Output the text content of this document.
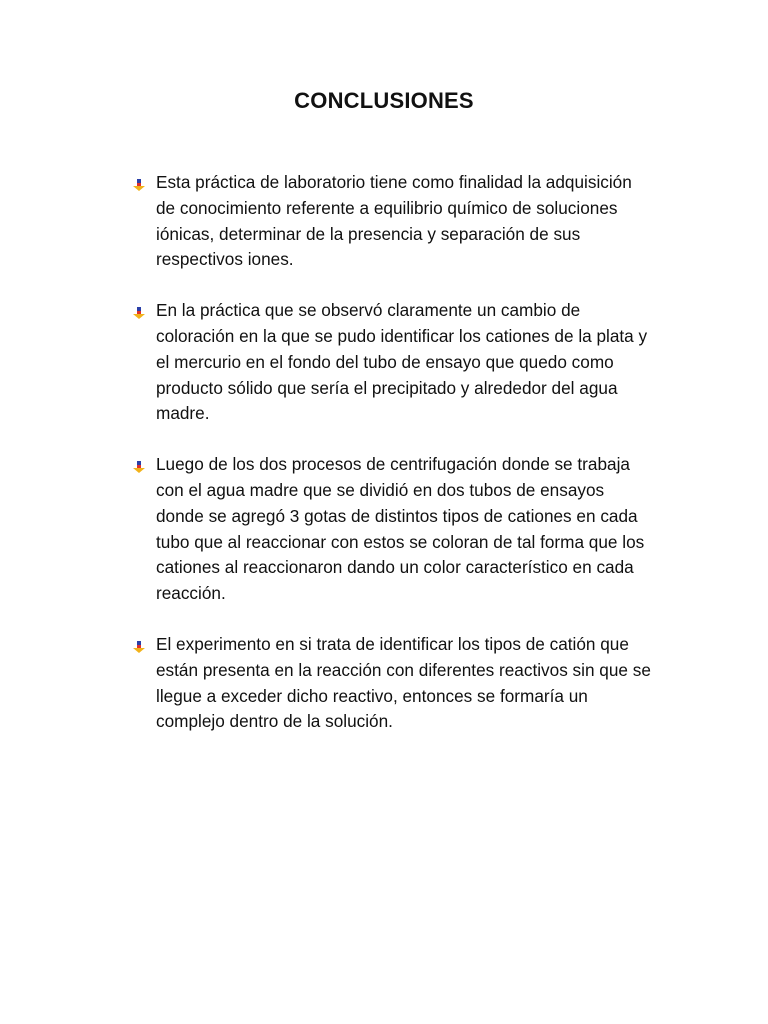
CONCLUSIONES
Esta práctica de laboratorio tiene como finalidad la adquisición de conocimiento referente a equilibrio químico de soluciones iónicas, determinar de la presencia y separación de sus respectivos iones.
En la práctica que se observó claramente un cambio de coloración en la que se pudo identificar los cationes de la plata y el mercurio en el fondo del tubo de ensayo que quedo como producto sólido que sería el precipitado y alrededor del agua madre.
Luego de los dos procesos de centrifugación donde se trabaja con el agua madre que se dividió en dos tubos de ensayos donde se agregó 3 gotas de distintos tipos de cationes en cada tubo que al reaccionar con estos se coloran de tal forma que los cationes al reaccionaron dando un color característico en cada reacción.
El experimento en si trata de identificar los tipos de catión que están presenta en la reacción con diferentes reactivos sin que se llegue a exceder dicho reactivo, entonces se formaría un complejo dentro de la solución.
